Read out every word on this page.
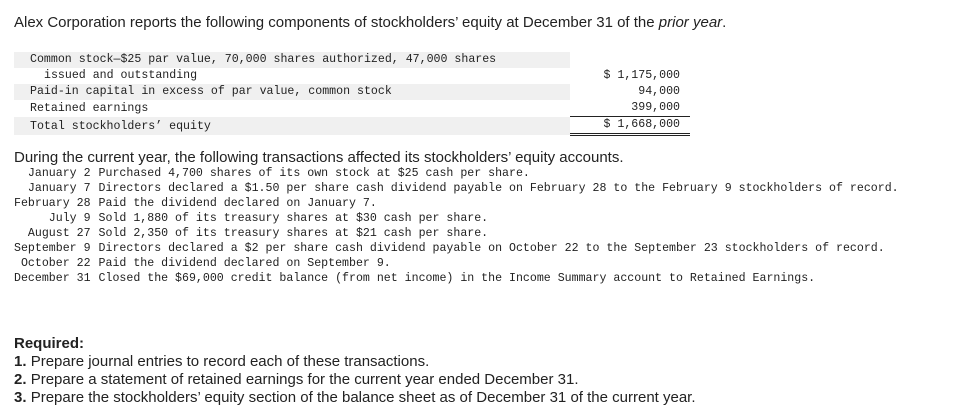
Alex Corporation reports the following components of stockholders’ equity at December 31 of the prior year.
Common stock—$25 par value, 70,000 shares authorized, 47,000 shares	
issued and outstanding	$ 1,175,000
Paid-in capital in excess of par value, common stock	94,000
Retained earnings	399,000
Total stockholders’ equity	$ 1,668,000
During the current year, the following transactions affected its stockholders’ equity accounts.
January 2	Purchased 4,700 shares of its own stock at $25 cash per share.
January 7	Directors declared a $1.50 per share cash dividend payable on February 28 to the February 9 stockholders of record.
February 28	Paid the dividend declared on January 7.
July 9	Sold 1,880 of its treasury shares at $30 cash per share.
August 27	Sold 2,350 of its treasury shares at $21 cash per share.
September 9	Directors declared a $2 per share cash dividend payable on October 22 to the September 23 stockholders of record.
October 22	Paid the dividend declared on September 9.
December 31	Closed the $69,000 credit balance (from net income) in the Income Summary account to Retained Earnings.
Required:
1. Prepare journal entries to record each of these transactions.
2. Prepare a statement of retained earnings for the current year ended December 31.
3. Prepare the stockholders’ equity section of the balance sheet as of December 31 of the current year.
